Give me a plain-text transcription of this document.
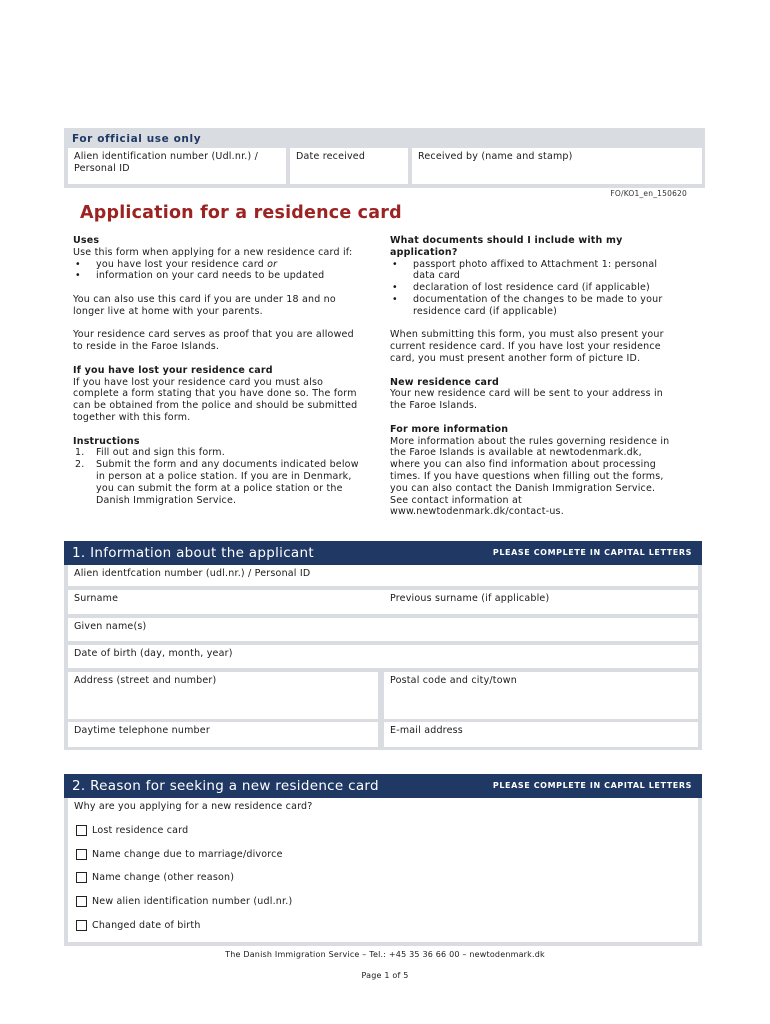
For official use only
Alien identification number (Udl.nr.) /
Personal ID
Date received	Received by (name and stamp)
FO/KO1_en_150620
Application for a residence card

Uses

Use this form when applying for a new residence card if:

• you have lost your residence card or
• information on your card needs to be updated

You can also use this card if you are under 18 and no

longer live at home with your parents.

Your residence card serves as proof that you are allowed

to reside in the Faroe Islands.

If you have lost your residence card

If you have lost your residence card you must also

complete a form stating that you have done so. The form

can be obtained from the police and should be submitted

together with this form.

Instructions

1. Fill out and sign this form.
2. Submit the form and any documents indicated below
in person at a police station. If you are in Denmark,
you can submit the form at a police station or the
Danish Immigration Service.

What documents should I include with my

application?

• passport photo affixed to Attachment 1: personal
data card
• declaration of lost residence card (if applicable)
• documentation of the changes to be made to your
residence card (if applicable)

When submitting this form, you must also present your

current residence card. If you have lost your residence

card, you must present another form of picture ID.

New residence card

Your new residence card will be sent to your address in

the Faroe Islands.

For more information

More information about the rules governing residence in

the Faroe Islands is available at newtodenmark.dk,

where you can also find information about processing

times. If you have questions when filling out the forms,

you can also contact the Danish Immigration Service.

See contact information at

www.newtodenmark.dk/contact-us.

1. Information about the applicant	PLEASE COMPLETE IN CAPITAL LETTERS
Alien identfcation number (udl.nr.) / Personal ID
Surname	Previous surname (if applicable)
Given name(s)
Date of birth (day, month, year)
Address (street and number)	Postal code and city/town
Daytime telephone number	E-mail address
2. Reason for seeking a new residence card	PLEASE COMPLETE IN CAPITAL LETTERS
Why are you applying for a new residence card?
Lost residence card
Name change due to marriage/divorce
Name change (other reason)
New alien identification number (udl.nr.)
Changed date of birth
The Danish Immigration Service – Tel.: +45 35 36 66 00 – newtodenmark.dk
Page 1 of 5
